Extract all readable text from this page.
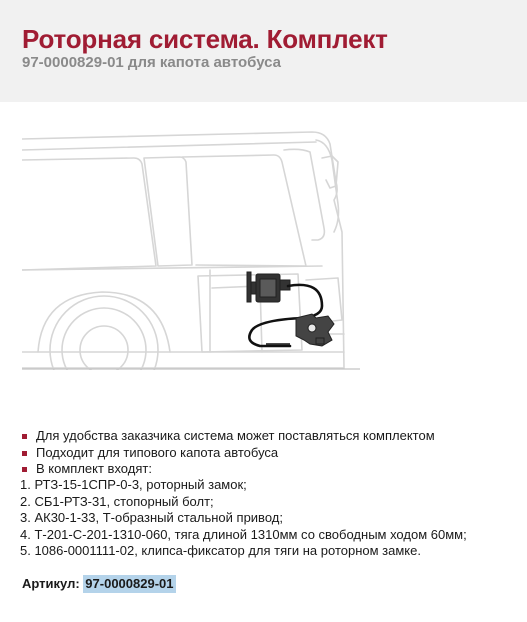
Роторная система. Комплект
97-0000829-01 для капота автобуса
Для удобства заказчика система может поставляться комплектом
Подходит для типового капота автобуса
В комплект входят:
1. РТЗ-15-1СПР-0-3, роторный замок;
2. СБ1-РТЗ-31, стопорный болт;
3. АК30-1-33, Т-образный стальной привод;
4. Т-201-С-201-1310-060, тяга длиной 1310мм со свободным ходом 60мм;
5. 1086-0001111-02, клипса-фиксатор для тяги на роторном замке.
Артикул: 97-0000829-01
